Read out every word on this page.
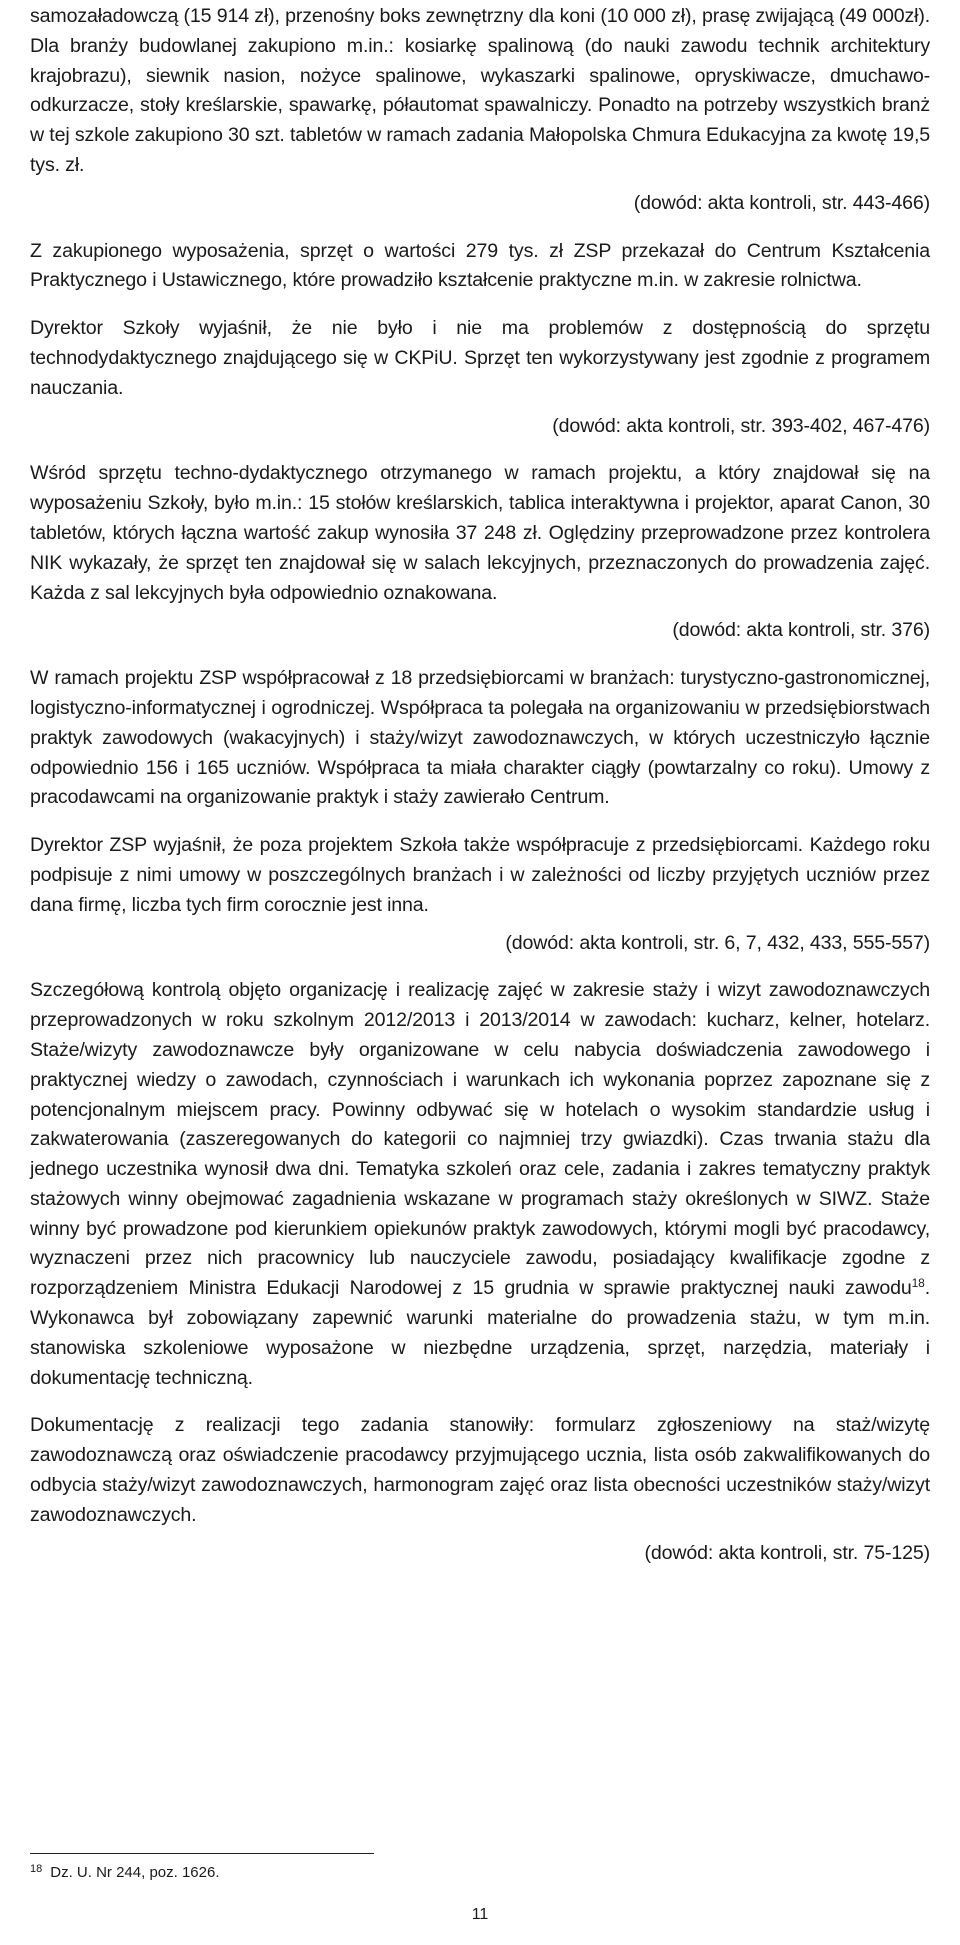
samozaładowczą (15 914 zł), przenośny boks zewnętrzny dla koni (10 000 zł), prasę zwijającą (49 000zł). Dla branży budowlanej zakupiono m.in.: kosiarkę spalinową (do nauki zawodu technik architektury krajobrazu), siewnik nasion, nożyce spalinowe, wykaszarki spalinowe, opryskiwacze, dmuchawo-odkurzacze, stoły kreślarskie, spawarkę, półautomat spawalniczy. Ponadto na potrzeby wszystkich branż w tej szkole zakupiono 30 szt. tabletów w ramach zadania Małopolska Chmura Edukacyjna za kwotę 19,5 tys. zł.

(dowód: akta kontroli, str. 443-466)

Z zakupionego wyposażenia, sprzęt o wartości 279 tys. zł ZSP przekazał do Centrum Kształcenia Praktycznego i Ustawicznego, które prowadziło kształcenie praktyczne m.in. w zakresie rolnictwa.

Dyrektor Szkoły wyjaśnił, że nie było i nie ma problemów z dostępnością do sprzętu technodydaktycznego znajdującego się w CKPiU. Sprzęt ten wykorzystywany jest zgodnie z programem nauczania.

(dowód: akta kontroli, str. 393-402, 467-476)

Wśród sprzętu techno-dydaktycznego otrzymanego w ramach projektu, a który znajdował się na wyposażeniu Szkoły, było m.in.: 15 stołów kreślarskich, tablica interaktywna i projektor, aparat Canon, 30 tabletów, których łączna wartość zakup wynosiła 37 248 zł. Oględziny przeprowadzone przez kontrolera NIK wykazały, że sprzęt ten znajdował się w salach lekcyjnych, przeznaczonych do prowadzenia zajęć. Każda z sal lekcyjnych była odpowiednio oznakowana.

(dowód: akta kontroli, str. 376)

W ramach projektu ZSP współpracował z 18 przedsiębiorcami w branżach: turystyczno-gastronomicznej, logistyczno-informatycznej i ogrodniczej. Współpraca ta polegała na organizowaniu w przedsiębiorstwach praktyk zawodowych (wakacyjnych) i staży/wizyt zawodoznawczych, w których uczestniczyło łącznie odpowiednio 156 i 165 uczniów. Współpraca ta miała charakter ciągły (powtarzalny co roku). Umowy z pracodawcami na organizowanie praktyk i staży zawierało Centrum.

Dyrektor ZSP wyjaśnił, że poza projektem Szkoła także współpracuje z przedsiębiorcami. Każdego roku podpisuje z nimi umowy w poszczególnych branżach i w zależności od liczby przyjętych uczniów przez dana firmę, liczba tych firm corocznie jest inna.

(dowód: akta kontroli, str. 6, 7, 432, 433, 555-557)

Szczegółową kontrolą objęto organizację i realizację zajęć w zakresie staży i wizyt zawodoznawczych przeprowadzonych w roku szkolnym 2012/2013 i 2013/2014 w zawodach: kucharz, kelner, hotelarz. Staże/wizyty zawodoznawcze były organizowane w celu nabycia doświadczenia zawodowego i praktycznej wiedzy o zawodach, czynnościach i warunkach ich wykonania poprzez zapoznane się z potencjonalnym miejscem pracy. Powinny odbywać się w hotelach o wysokim standardzie usług i zakwaterowania (zaszeregowanych do kategorii co najmniej trzy gwiazdki). Czas trwania stażu dla jednego uczestnika wynosił dwa dni. Tematyka szkoleń oraz cele, zadania i zakres tematyczny praktyk stażowych winny obejmować zagadnienia wskazane w programach staży określonych w SIWZ. Staże winny być prowadzone pod kierunkiem opiekunów praktyk zawodowych, którymi mogli być pracodawcy, wyznaczeni przez nich pracownicy lub nauczyciele zawodu, posiadający kwalifikacje zgodne z rozporządzeniem Ministra Edukacji Narodowej z 15 grudnia w sprawie praktycznej nauki zawodu$^{18}$. Wykonawca był zobowiązany zapewnić warunki materialne do prowadzenia stażu, w tym m.in. stanowiska szkoleniowe wyposażone w niezbędne urządzenia, sprzęt, narzędzia, materiały i dokumentację techniczną.

Dokumentację z realizacji tego zadania stanowiły: formularz zgłoszeniowy na staż/wizytę zawodoznawczą oraz oświadczenie pracodawcy przyjmującego ucznia, lista osób zakwalifikowanych do odbycia staży/wizyt zawodoznawczych, harmonogram zajęć oraz lista obecności uczestników staży/wizyt zawodoznawczych.

(dowód: akta kontroli, str. 75-125)

$^{18}$ Dz. U. Nr 244, poz. 1626.
11
